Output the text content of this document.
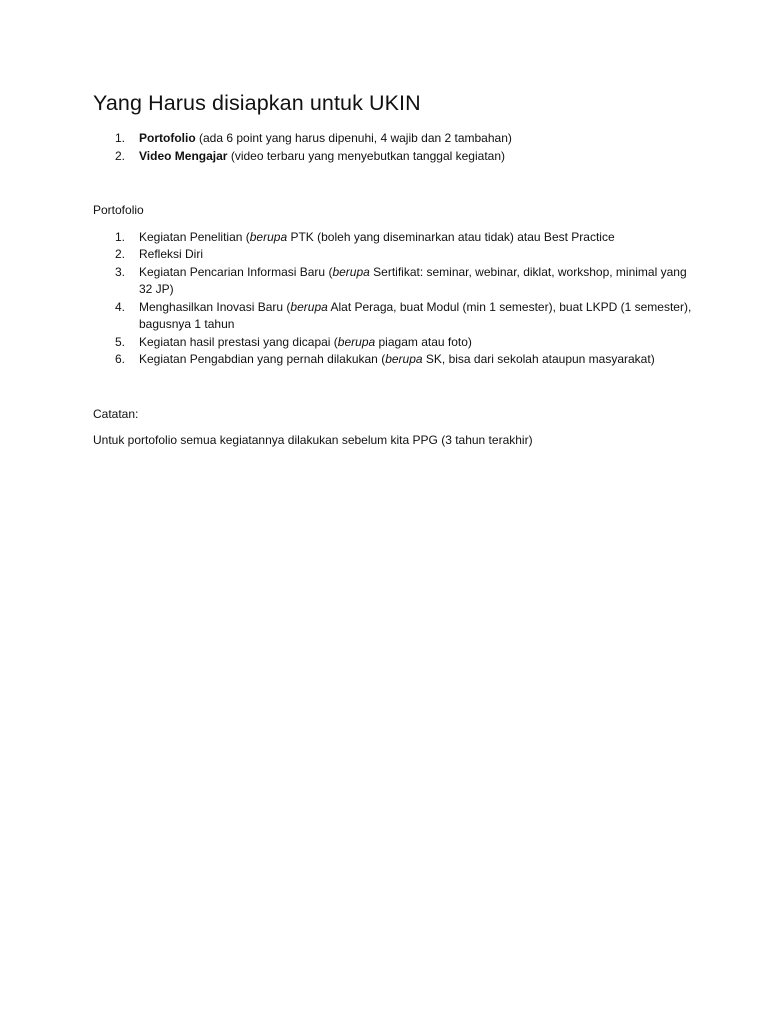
Yang Harus disiapkan untuk UKIN
1. Portofolio (ada 6 point yang harus dipenuhi, 4 wajib dan 2 tambahan)
2. Video Mengajar (video terbaru yang menyebutkan tanggal kegiatan)
Portofolio
1. Kegiatan Penelitian (berupa PTK (boleh yang diseminarkan atau tidak) atau Best Practice
2. Refleksi Diri
3. Kegiatan Pencarian Informasi Baru (berupa Sertifikat: seminar, webinar, diklat, workshop, minimal yang 32 JP)
4. Menghasilkan Inovasi Baru (berupa Alat Peraga, buat Modul (min 1 semester), buat LKPD (1 semester), bagusnya 1 tahun
5. Kegiatan hasil prestasi yang dicapai (berupa piagam atau foto)
6. Kegiatan Pengabdian yang pernah dilakukan (berupa SK, bisa dari sekolah ataupun masyarakat)
Catatan:
Untuk portofolio semua kegiatannya dilakukan sebelum kita PPG (3 tahun terakhir)
